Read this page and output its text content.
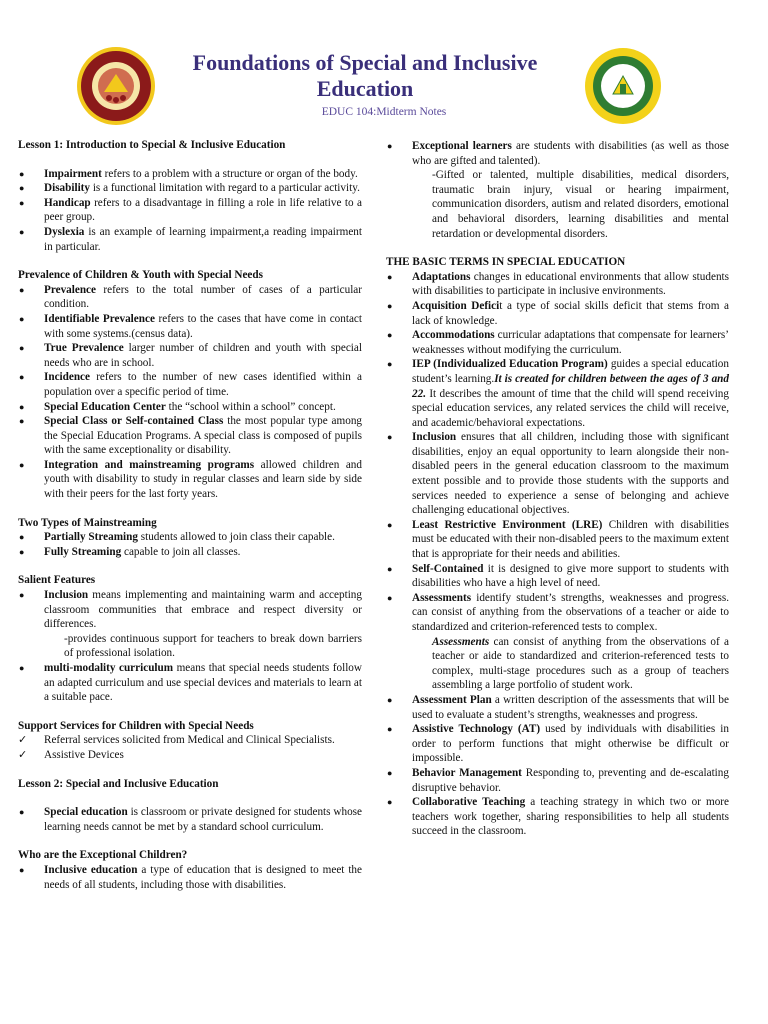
Foundations of Special and Inclusive
Education
EDUC 104:Midterm Notes

Lesson 1: Introduction to Special & Inclusive Education

● Impairment refers to a problem with a structure or organ of the body.
● Disability is a functional limitation with regard to a particular activity.
● Handicap refers to a disadvantage in filling a role in life relative to a peer group.
● Dyslexia is an example of learning impairment,a reading impairment in particular.

Prevalence of Children & Youth with Special Needs

● Prevalence refers to the total number of cases of a particular condition.
● Identifiable Prevalence refers to the cases that have come in contact with some systems.(census data).
● True Prevalence larger number of children and youth with special needs who are in school.
● Incidence refers to the number of new cases identified within a population over a specific period of time.
● Special Education Center the “school within a school” concept.
● Special Class or Self-contained Class the most popular type among the Special Education Programs. A special class is composed of pupils with the same exceptionality or disability.
● Integration and mainstreaming programs allowed children and youth with disability to study in regular classes and learn side by side with their peers for the last forty years.

Two Types of Mainstreaming

● Partially Streaming students allowed to join class their capable.
● Fully Streaming capable to join all classes.

Salient Features

● Inclusion means implementing and maintaining warm and accepting classroom communities that embrace and respect diversity or differences.
-provides continuous support for teachers to break down barriers of professional isolation.
● multi-modality curriculum means that special needs students follow an adapted curriculum and use special devices and materials to learn at a suitable pace.

Support Services for Children with Special Needs

✓ Referral services solicited from Medical and Clinical Specialists.
✓ Assistive Devices

Lesson 2: Special and Inclusive Education

● Special education is classroom or private designed for students whose learning needs cannot be met by a standard school curriculum.

Who are the Exceptional Children?

● Inclusive education a type of education that is designed to meet the needs of all students, including those with disabilities.
● Exceptional learners are students with disabilities (as well as those who are gifted and talented).
-Gifted or talented, multiple disabilities, medical disorders, traumatic brain injury, visual or hearing impairment, communication disorders, autism and related disorders, emotional and behavioral disorders, learning disabilities and mental retardation or developmental disorders.

THE BASIC TERMS IN SPECIAL EDUCATION

● Adaptations changes in educational environments that allow students with disabilities to participate in inclusive environments.
● Acquisition Deficit a type of social skills deficit that stems from a lack of knowledge.
● Accommodations curricular adaptations that compensate for learners’ weaknesses without modifying the curriculum.
● IEP (Individualized Education Program) guides a special education student’s learning.It is created for children between the ages of 3 and 22. It describes the amount of time that the child will spend receiving special education services, any related services the child will receive, and academic/behavioral expectations.
● Inclusion ensures that all children, including those with significant disabilities, enjoy an equal opportunity to learn alongside their non-disabled peers in the general education classroom to the maximum extent possible and to provide those students with the supports and services needed to experience a sense of belonging and achieve challenging educational objectives.
● Least Restrictive Environment (LRE) Children with disabilities must be educated with their non-disabled peers to the maximum extent that is appropriate for their needs and abilities.
● Self-Contained it is designed to give more support to students with disabilities who have a high level of need.
● Assessments identify student’s strengths, weaknesses and progress. can consist of anything from the observations of a teacher or aide to standardized and criterion-referenced tests to complex.
Assessments can consist of anything from the observations of a teacher or aide to standardized and criterion-referenced tests to complex, multi-stage procedures such as a group of teachers assembling a large portfolio of student work.
● Assessment Plan a written description of the assessments that will be used to evaluate a student’s strengths, weaknesses and progress.
● Assistive Technology (AT) used by individuals with disabilities in order to perform functions that might otherwise be difficult or impossible.
● Behavior Management Responding to, preventing and de-escalating disruptive behavior.
● Collaborative Teaching a teaching strategy in which two or more teachers work together, sharing responsibilities to help all students succeed in the classroom.
